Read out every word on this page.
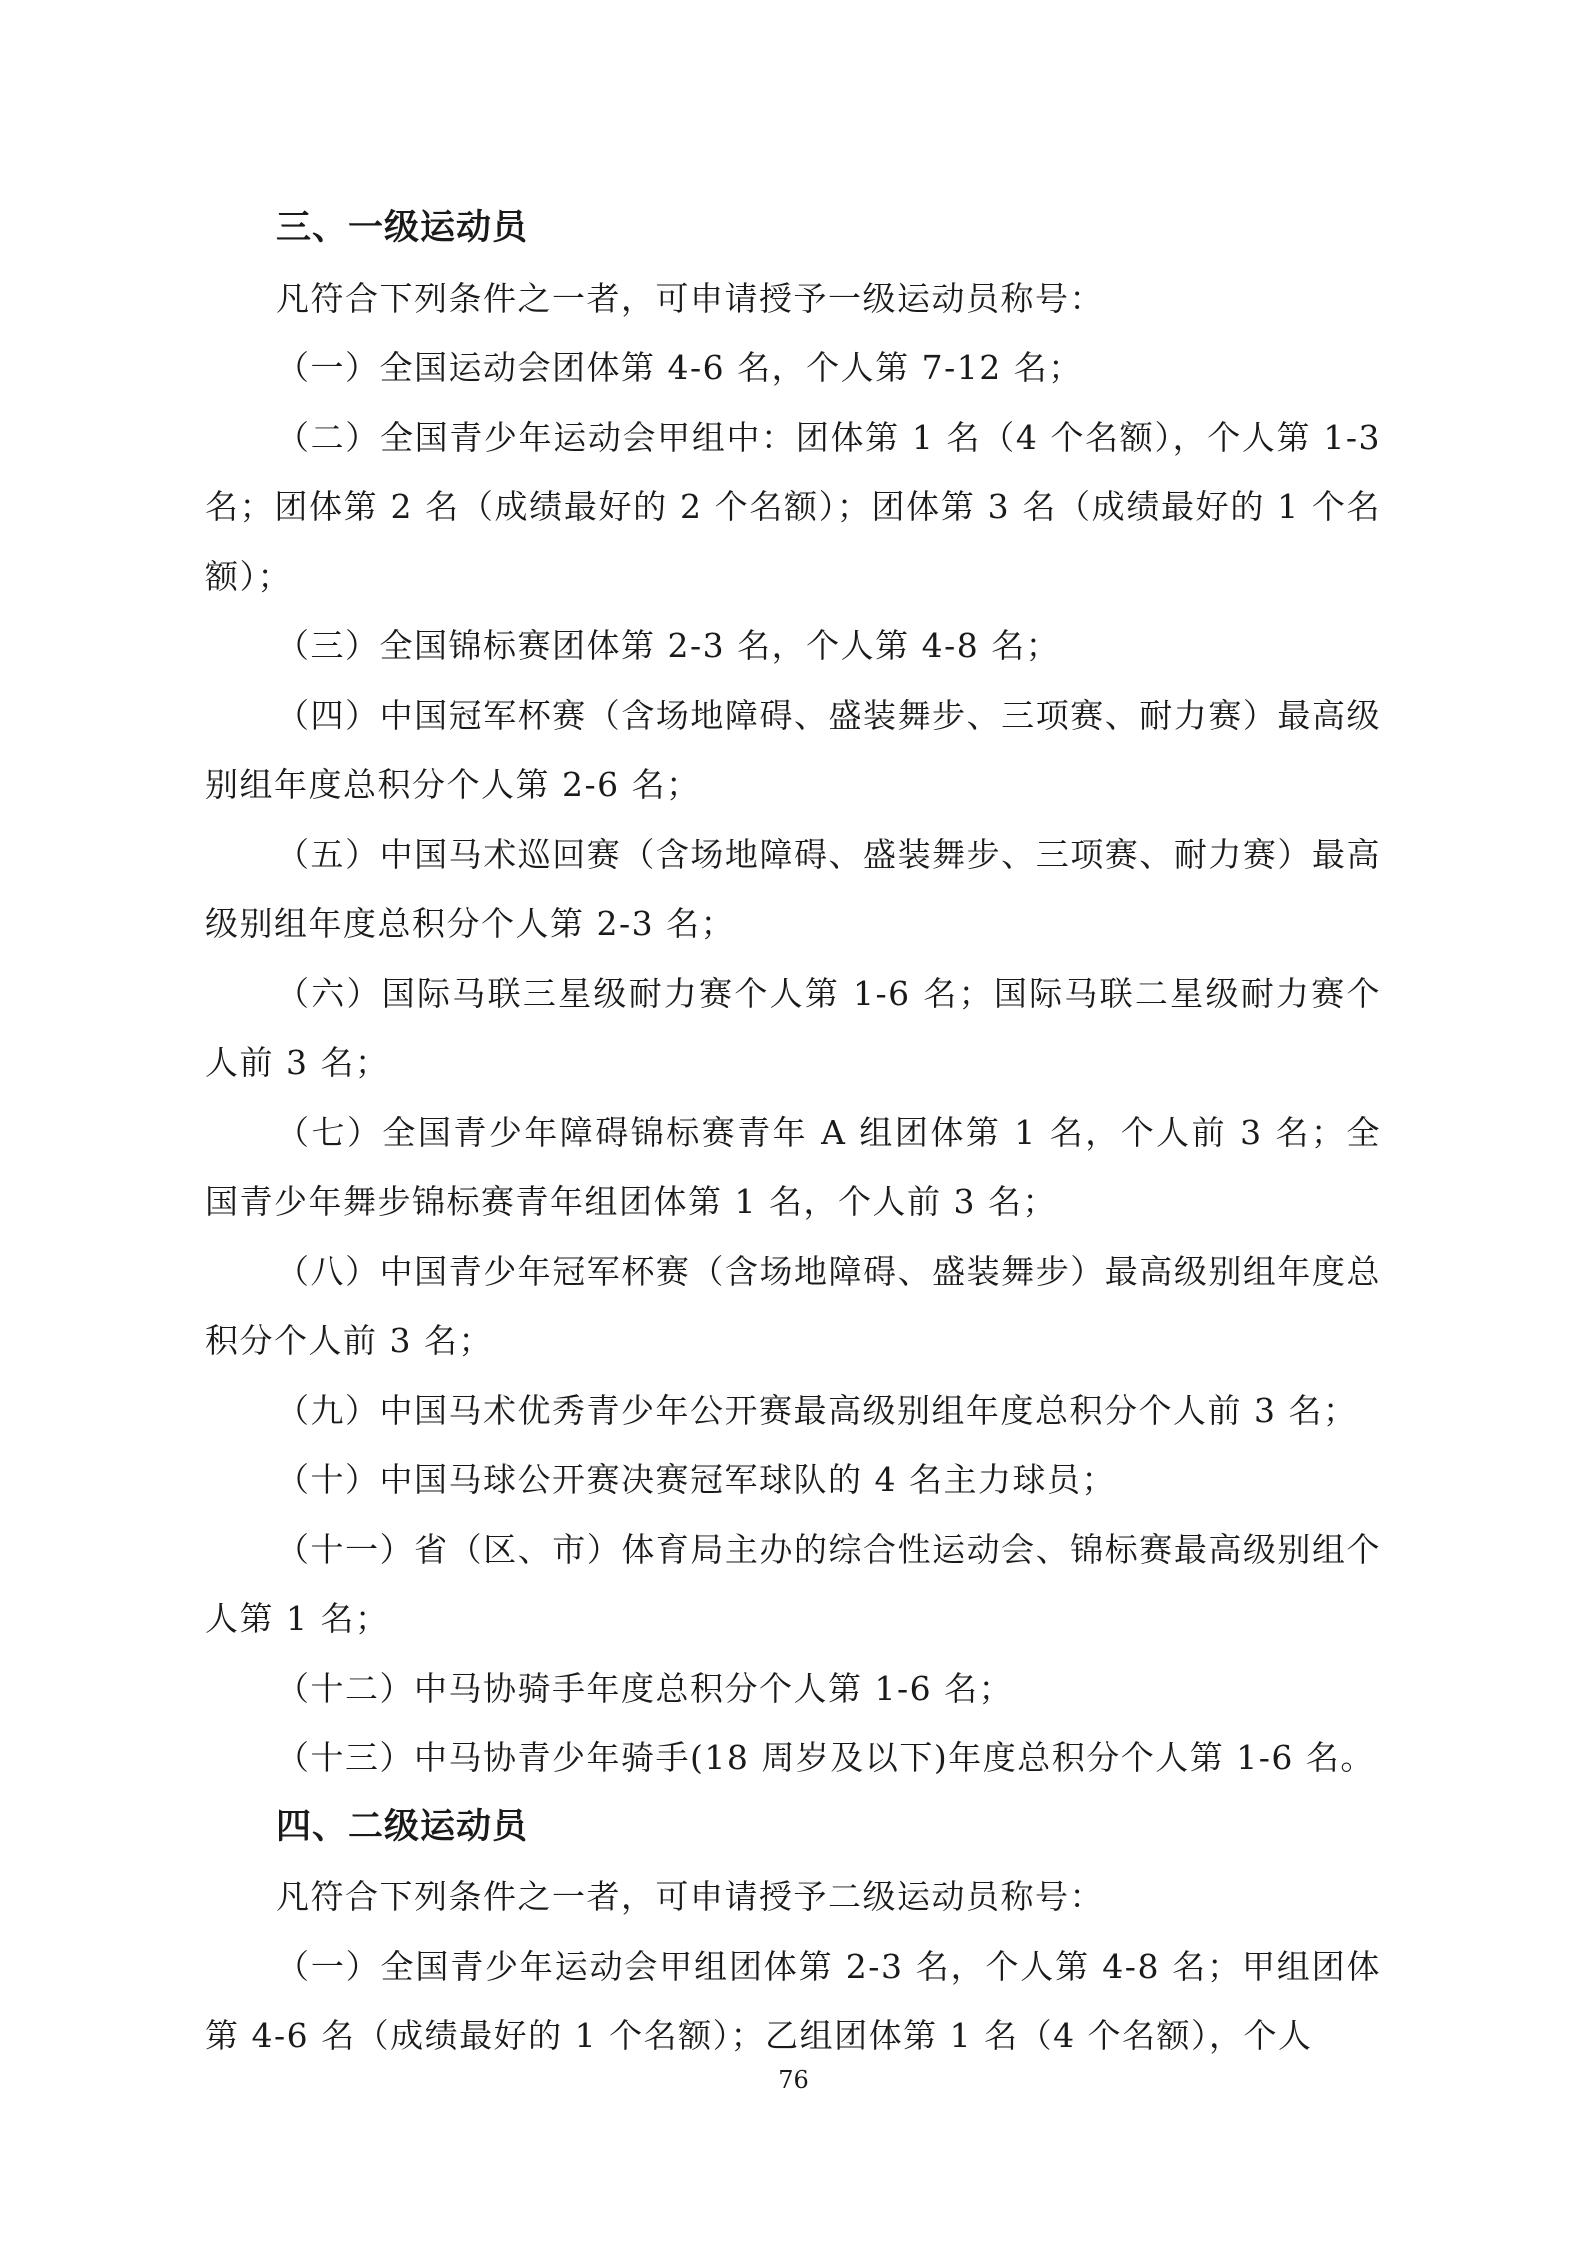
三、一级运动员

凡符合下列条件之一者，可申请授予一级运动员称号：

（一）全国运动会团体第 4-6 名，个人第 7-12 名；

（二）全国青少年运动会甲组中：团体第 1 名（4 个名额），个人第 1-3 名；团体第 2 名（成绩最好的 2 个名额）；团体第 3 名（成绩最好的 1 个名额）；

（三）全国锦标赛团体第 2-3 名，个人第 4-8 名；

（四）中国冠军杯赛（含场地障碍、盛装舞步、三项赛、耐力赛）最高级别组年度总积分个人第 2-6 名；

（五）中国马术巡回赛（含场地障碍、盛装舞步、三项赛、耐力赛）最高级别组年度总积分个人第 2-3 名；

（六）国际马联三星级耐力赛个人第 1-6 名；国际马联二星级耐力赛个人前 3 名；

（七）全国青少年障碍锦标赛青年 A 组团体第 1 名，个人前 3 名；全国青少年舞步锦标赛青年组团体第 1 名，个人前 3 名；

（八）中国青少年冠军杯赛（含场地障碍、盛装舞步）最高级别组年度总积分个人前 3 名；

（九）中国马术优秀青少年公开赛最高级别组年度总积分个人前 3 名；

（十）中国马球公开赛决赛冠军球队的 4 名主力球员；

（十一）省（区、市）体育局主办的综合性运动会、锦标赛最高级别组个人第 1 名；

（十二）中马协骑手年度总积分个人第 1-6 名；

（十三）中马协青少年骑手(18 周岁及以下)年度总积分个人第 1-6 名。

四、二级运动员

凡符合下列条件之一者，可申请授予二级运动员称号：

（一）全国青少年运动会甲组团体第 2-3 名，个人第 4-8 名；甲组团体第 4-6 名（成绩最好的 1 个名额）；乙组团体第 1 名（4 个名额），个人

76
